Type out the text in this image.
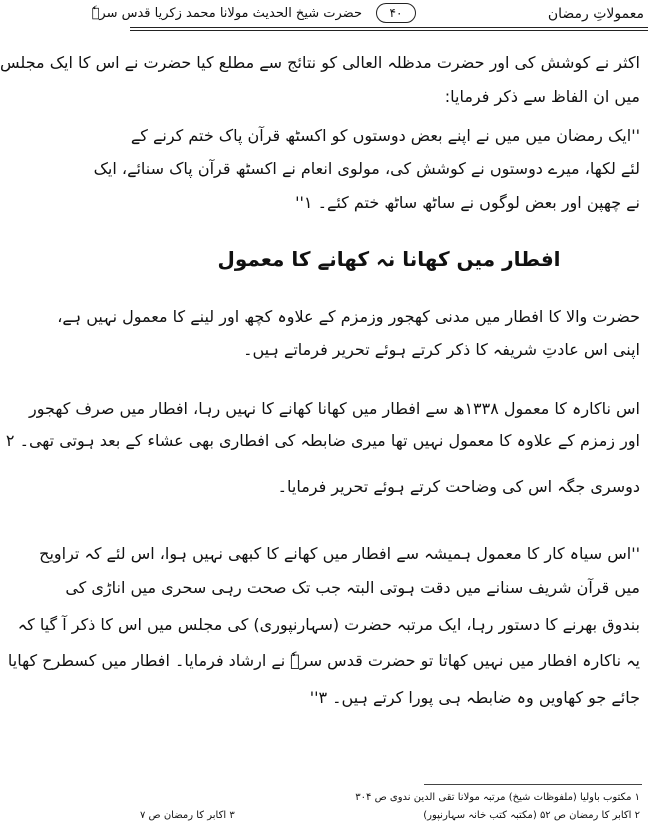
معمولاتِ رمضان
۴۰
حضرت شیخ الحدیث مولانا محمد زکریا قدس سرہٗ
اکثر نے کوشش کی اور حضرت مدظلہ العالی کو نتائج سے مطلع کیا حضرت نے اس کا ایک مجلس
میں ان الفاظ سے ذکر فرمایا:
''ایک رمضان میں میں نے اپنے بعض دوستوں کو اکسٹھ قرآن پاک ختم کرنے کے
لئے لکھا، میرے دوستوں نے کوشش کی، مولوی انعام نے اکسٹھ قرآن پاک سنائے، ایک
نے چھپن اور بعض لوگوں نے ساٹھ ساٹھ ختم کئے۔ ۱''
افطار میں کھانا نہ کھانے کا معمول
حضرت والا کا افطار میں مدنی کھجور وزمزم کے علاوہ کچھ اور لینے کا معمول نہیں ہے،
اپنی اس عادتِ شریفہ کا ذکر کرتے ہوئے تحریر فرماتے ہیں۔
اس ناکارہ کا معمول ۱۳۳۸ھ سے افطار میں کھانا کھانے کا نہیں رہا، افطار میں صرف کھجور
اور زمزم کے علاوہ کا معمول نہیں تھا میری ضابطہ کی افطاری بھی عشاء کے بعد ہوتی تھی۔ ۲
دوسری جگہ اس کی وضاحت کرتے ہوئے تحریر فرمایا۔
''اس سیاہ کار کا معمول ہمیشہ سے افطار میں کھانے کا کبھی نہیں ہوا، اس لئے کہ تراویح
میں قرآن شریف سنانے میں دقت ہوتی البتہ جب تک صحت رہی سحری میں اناڑی کی
بندوق بھرنے کا دستور رہا، ایک مرتبہ حضرت (سہارنپوری) کی مجلس میں اس کا ذکر آ گیا کہ
یہ ناکارہ افطار میں نہیں کھاتا تو حضرت قدس سرہٗ نے ارشاد فرمایا۔ افطار میں کسطرح کھایا
جائے جو کھاویں وہ ضابطہ ہی پورا کرتے ہیں۔ ۳''
۱ مکتوب باولیا (ملفوظات شیخ) مرتبہ مولانا تقی الدین ندوی ص ۳۰۴
۲ اکابر کا رمضان ص ۵۲ (مکتبہ کتب خانہ سہارنپور)
۳ اکابر کا رمضان ص ۷
